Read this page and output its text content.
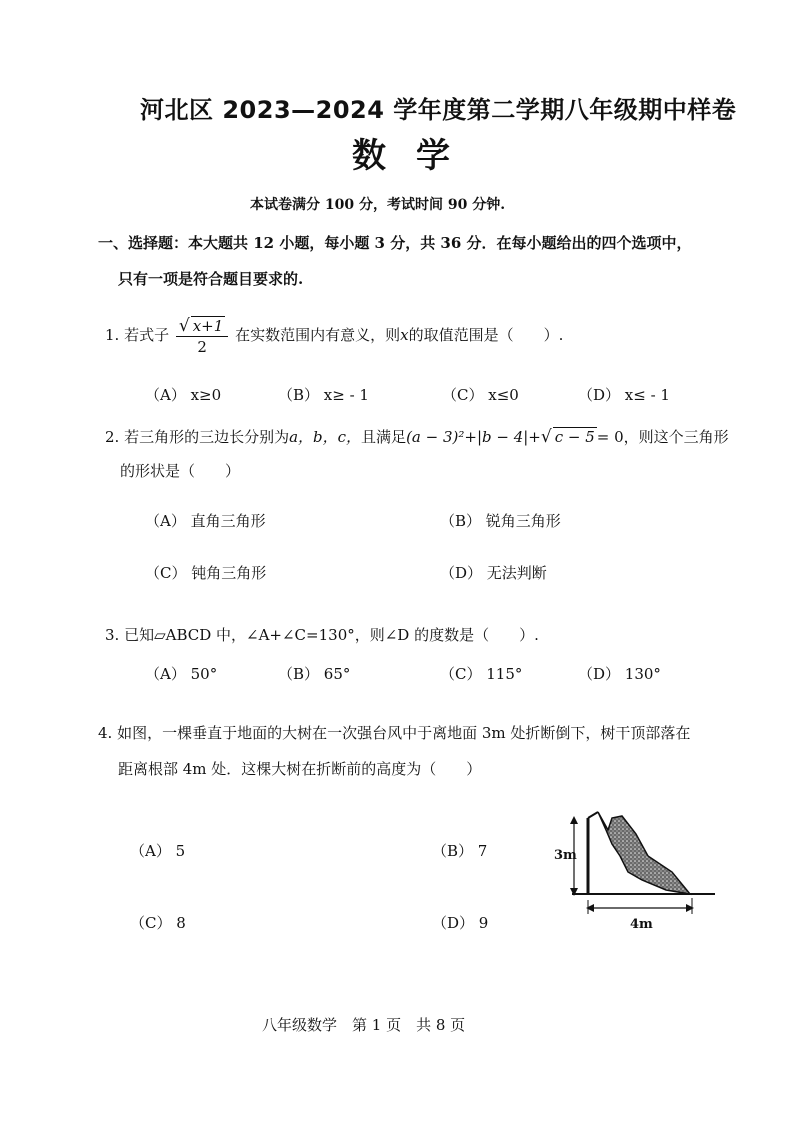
河北区 2023—2024 学年度第二学期八年级期中样卷
数学
本试卷满分 100 分，考试时间 90 分钟.
一、选择题：本大题共 12 小题，每小题 3 分，共 36 分．在每小题给出的四个选项中，
只有一项是符合题目要求的.
1. 若式子 $\frac{√ x+1}{2}$ 在实数范围内有意义，则x的取值范围是（　　）.
（A） x≥0	（B） x≥ - 1	（C） x≤0	（D） x≤ - 1
2. 若三角形的三边长分别为a，b，c，且满足(a − 3)²+|b − 4|+√ c − 5 = 0，则这个三角形
的形状是（　　）
（A） 直角三角形	（B） 锐角三角形
（C） 钝角三角形	（D） 无法判断
3. 已知▱ABCD 中，∠A+∠C=130°，则∠D 的度数是（　　）.
（A） 50°	（B） 65°	（C） 115°	（D） 130°
4. 如图，一棵垂直于地面的大树在一次强台风中于离地面 3m 处折断倒下，树干顶部落在
距离根部 4m 处．这棵大树在折断前的高度为（　　）
（A） 5	（B） 7
（C） 8	（D） 9
3m
4m
八年级数学　第 1 页　共 8 页
